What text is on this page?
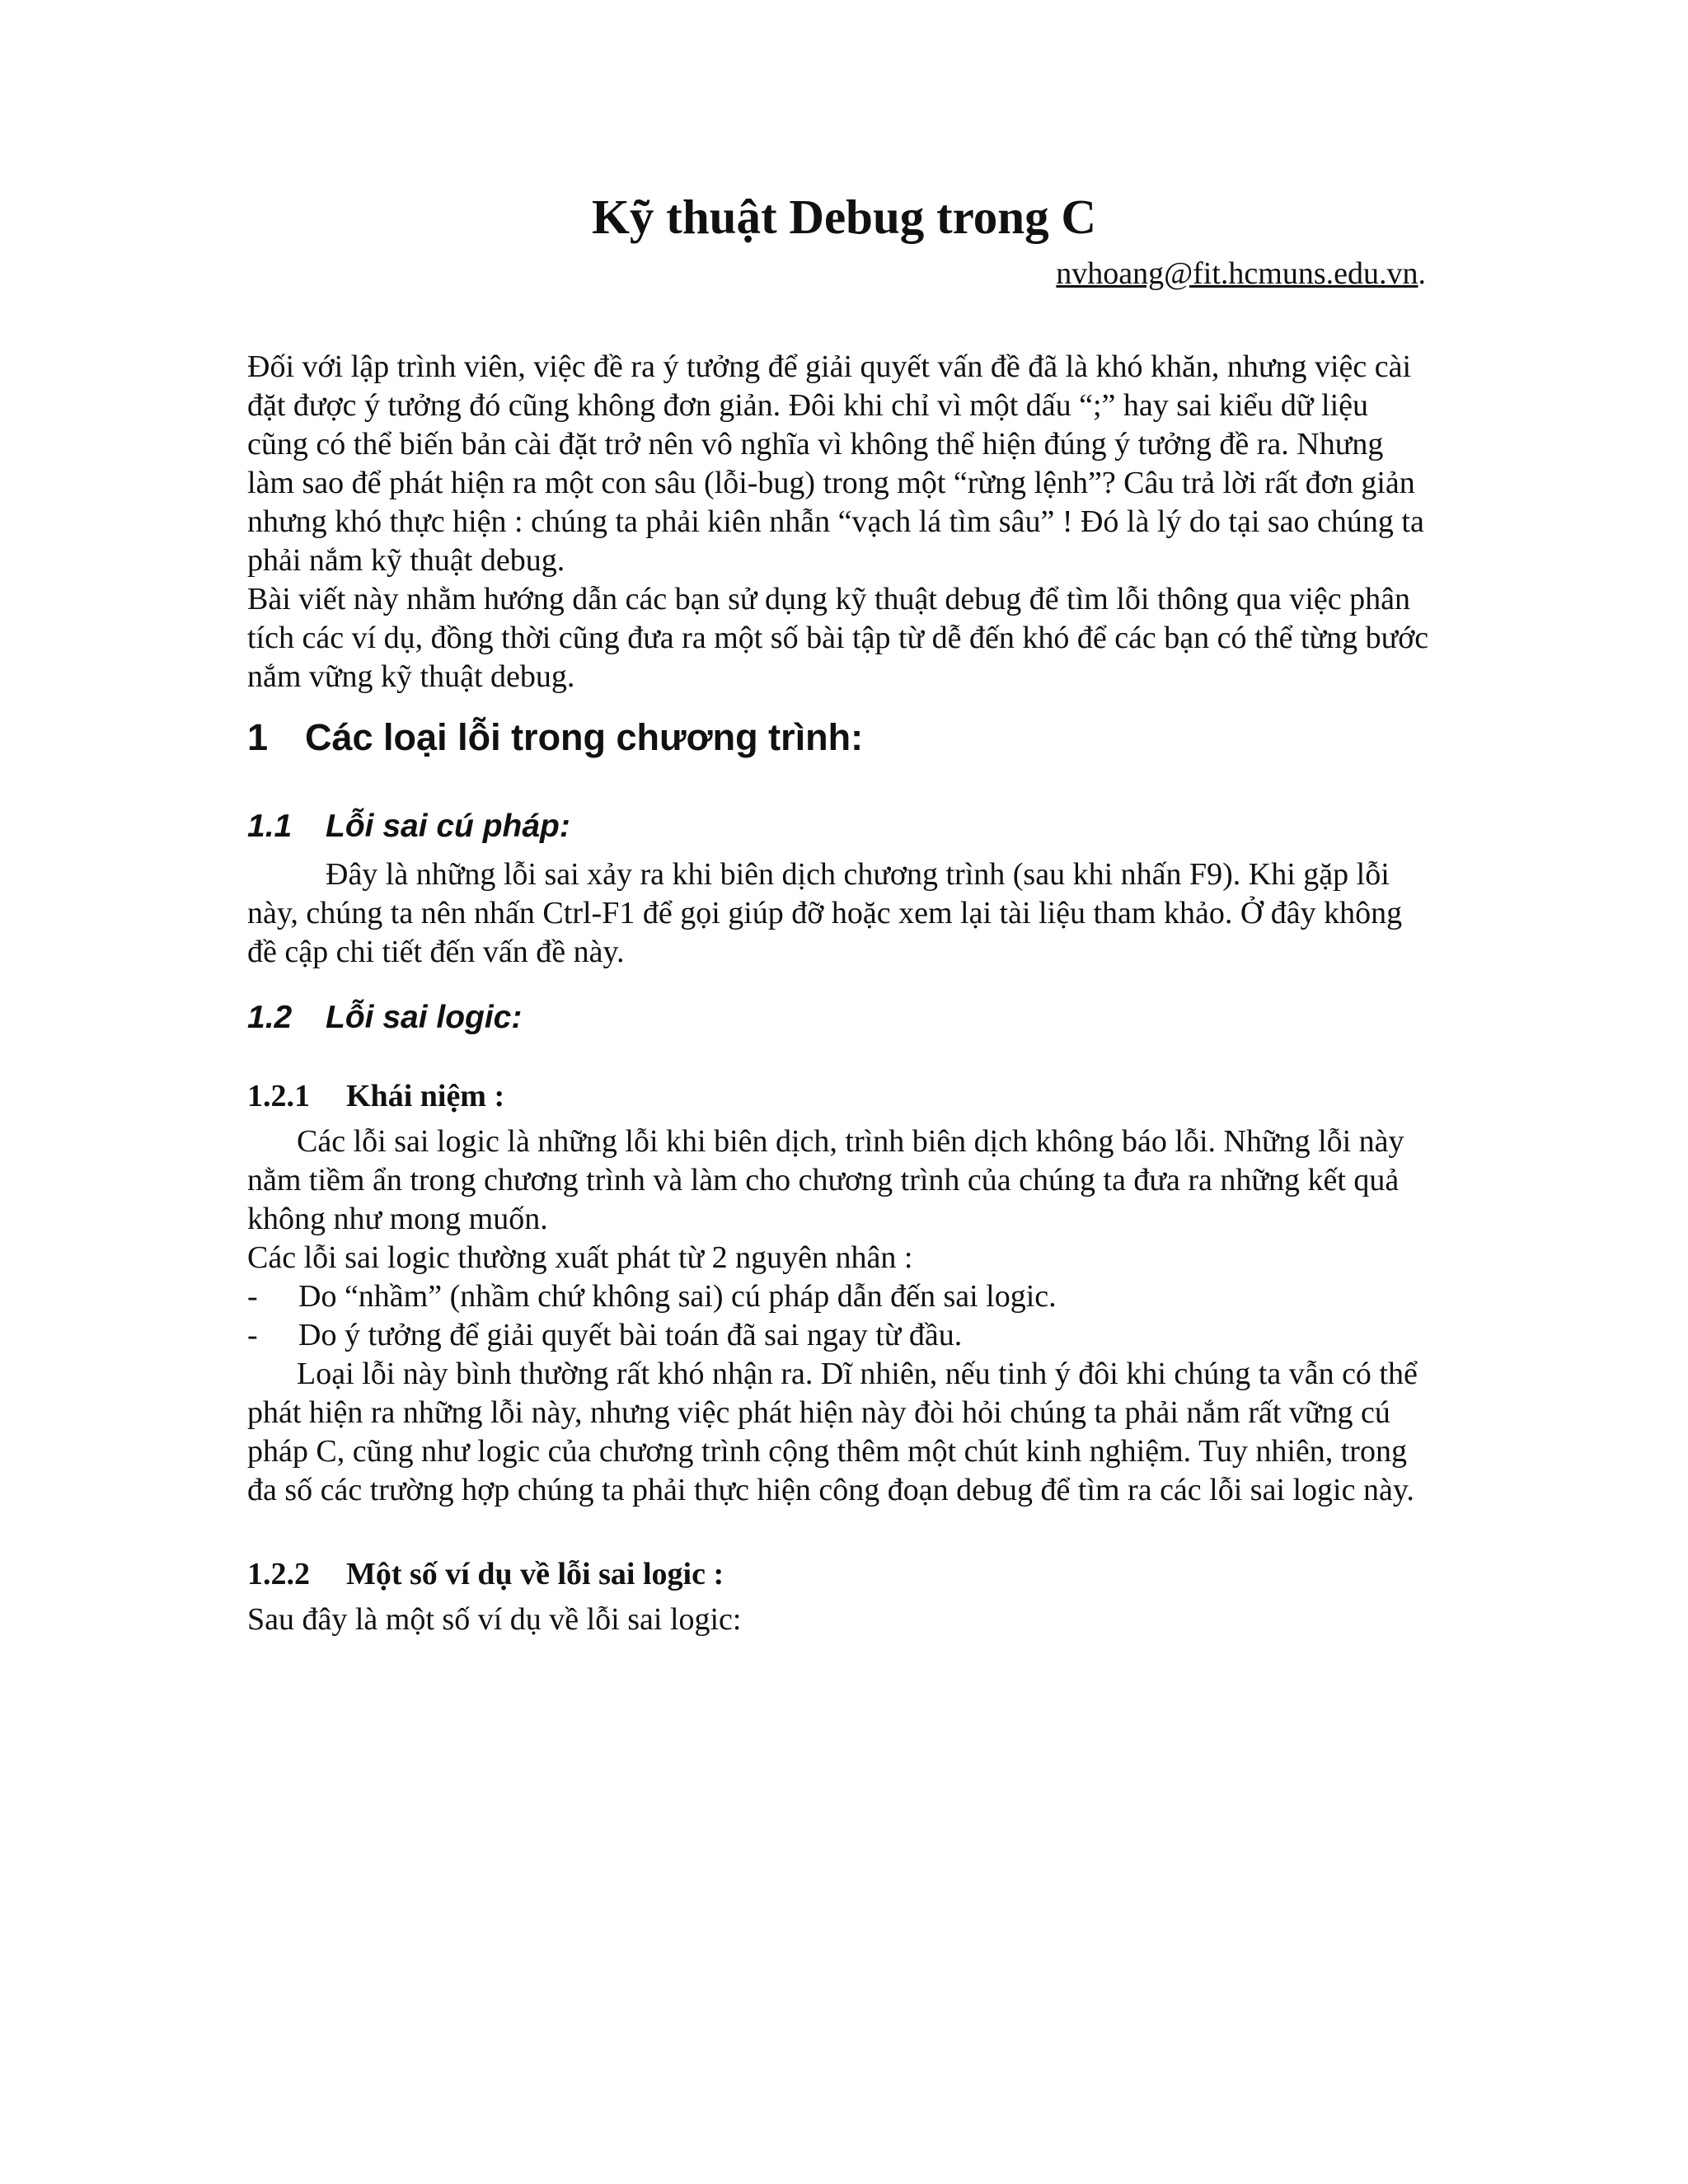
Kỹ thuật Debug trong C
nvhoang@fit.hcmuns.edu.vn.

Đối với lập trình viên, việc đề ra ý tưởng để giải quyết vấn đề đã là khó khăn, nhưng việc cài đặt được ý tưởng đó cũng không đơn giản. Đôi khi chỉ vì một dấu “;” hay sai kiểu dữ liệu cũng có thể biến bản cài đặt trở nên vô nghĩa vì không thể hiện đúng ý tưởng đề ra. Nhưng làm sao để phát hiện ra một con sâu (lỗi-bug) trong một “rừng lệnh”? Câu trả lời rất đơn giản nhưng khó thực hiện : chúng ta phải kiên nhẫn “vạch lá tìm sâu” ! Đó là lý do tại sao chúng ta phải nắm kỹ thuật debug.

Bài viết này nhằm hướng dẫn các bạn sử dụng kỹ thuật debug để tìm lỗi thông qua việc phân tích các ví dụ, đồng thời cũng đưa ra một số bài tập từ dễ đến khó để các bạn có thể từng bước nắm vững kỹ thuật debug.

1 Các loại lỗi trong chương trình:
1.1 Lỗi sai cú pháp:

Đây là những lỗi sai xảy ra khi biên dịch chương trình (sau khi nhấn F9). Khi gặp lỗi này, chúng ta nên nhấn Ctrl-F1 để gọi giúp đỡ hoặc xem lại tài liệu tham khảo. Ở đây không đề cập chi tiết đến vấn đề này.

1.2 Lỗi sai logic:
1.2.1 Khái niệm :

Các lỗi sai logic là những lỗi khi biên dịch, trình biên dịch không báo lỗi. Những lỗi này nằm tiềm ẩn trong chương trình và làm cho chương trình của chúng ta đưa ra những kết quả không như mong muốn.

Các lỗi sai logic thường xuất phát từ 2 nguyên nhân :

-	Do “nhầm” (nhầm chứ không sai) cú pháp dẫn đến sai logic.
-	Do ý tưởng để giải quyết bài toán đã sai ngay từ đầu.

Loại lỗi này bình thường rất khó nhận ra. Dĩ nhiên, nếu tinh ý đôi khi chúng ta vẫn có thể phát hiện ra những lỗi này, nhưng việc phát hiện này đòi hỏi chúng ta phải nắm rất vững cú pháp C, cũng như logic của chương trình cộng thêm một chút kinh nghiệm. Tuy nhiên, trong đa số các trường hợp chúng ta phải thực hiện công đoạn debug để tìm ra các lỗi sai logic này.

1.2.2 Một số ví dụ về lỗi sai logic :

Sau đây là một số ví dụ về lỗi sai logic:
